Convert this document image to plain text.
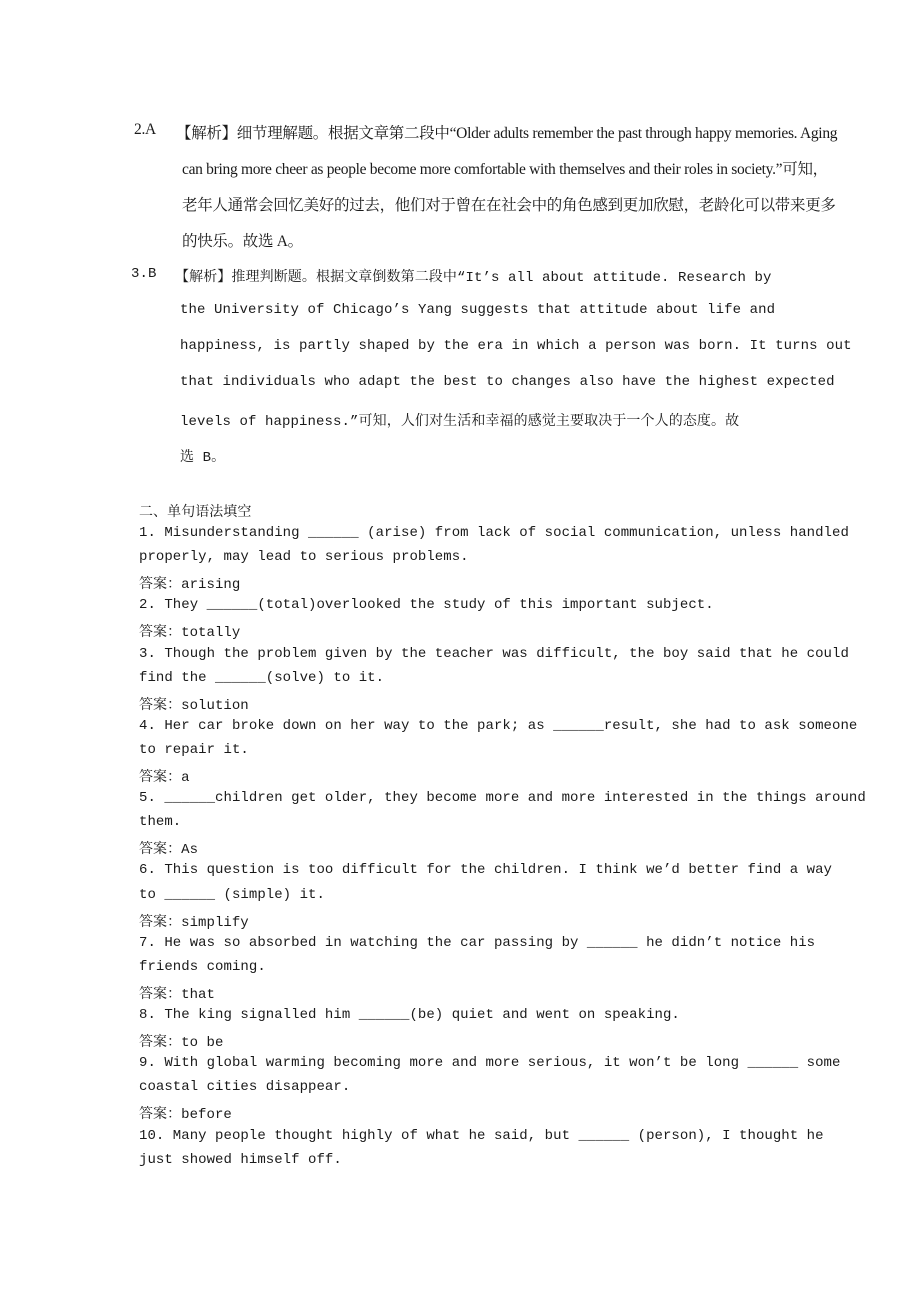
2.A 【解析】细节理解题。根据文章第二段中“Older adults remember the past through happy memories. Aging
can bring more cheer as people become more comfortable with themselves and their roles in society.”可知，
老年人通常会回忆美好的过去，他们对于曾在在社会中的角色感到更加欣慰，老龄化可以带来更多
的快乐。故选 A。
3.B 【解析】推理判断题。根据文章倒数第二段中“It’s all about attitude. Research by
the University of Chicago’s Yang suggests that attitude about life and
happiness, is partly shaped by the era in which a person was born. It turns out
that individuals who adapt the best to changes also have the highest expected
levels of happiness.”可知，人们对生活和幸福的感觉主要取决于一个人的态度。故
选 B。
二、单句语法填空
1. Misunderstanding ______ (arise) from lack of social communication, unless handled
properly, may lead to serious problems.
答案：arising
2. They ______(total)overlooked the study of this important subject.
答案：totally
3. Though the problem given by the teacher was difficult, the boy said that he could
find the ______(solve) to it.
答案：solution
4. Her car broke down on her way to the park; as ______result, she had to ask someone
to repair it.
答案：a
5. ______children get older, they become more and more interested in the things around
them.
答案：As
6. This question is too difficult for the children. I think we’d better find a way
to ______ (simple) it.
答案：simplify
7. He was so absorbed in watching the car passing by ______ he didn’t notice his
friends coming.
答案：that
8. The king signalled him ______(be) quiet and went on speaking.
答案：to be
9. With global warming becoming more and more serious, it won’t be long ______ some
coastal cities disappear.
答案：before
10. Many people thought highly of what he said, but ______ (person), I thought he
just showed himself off.
